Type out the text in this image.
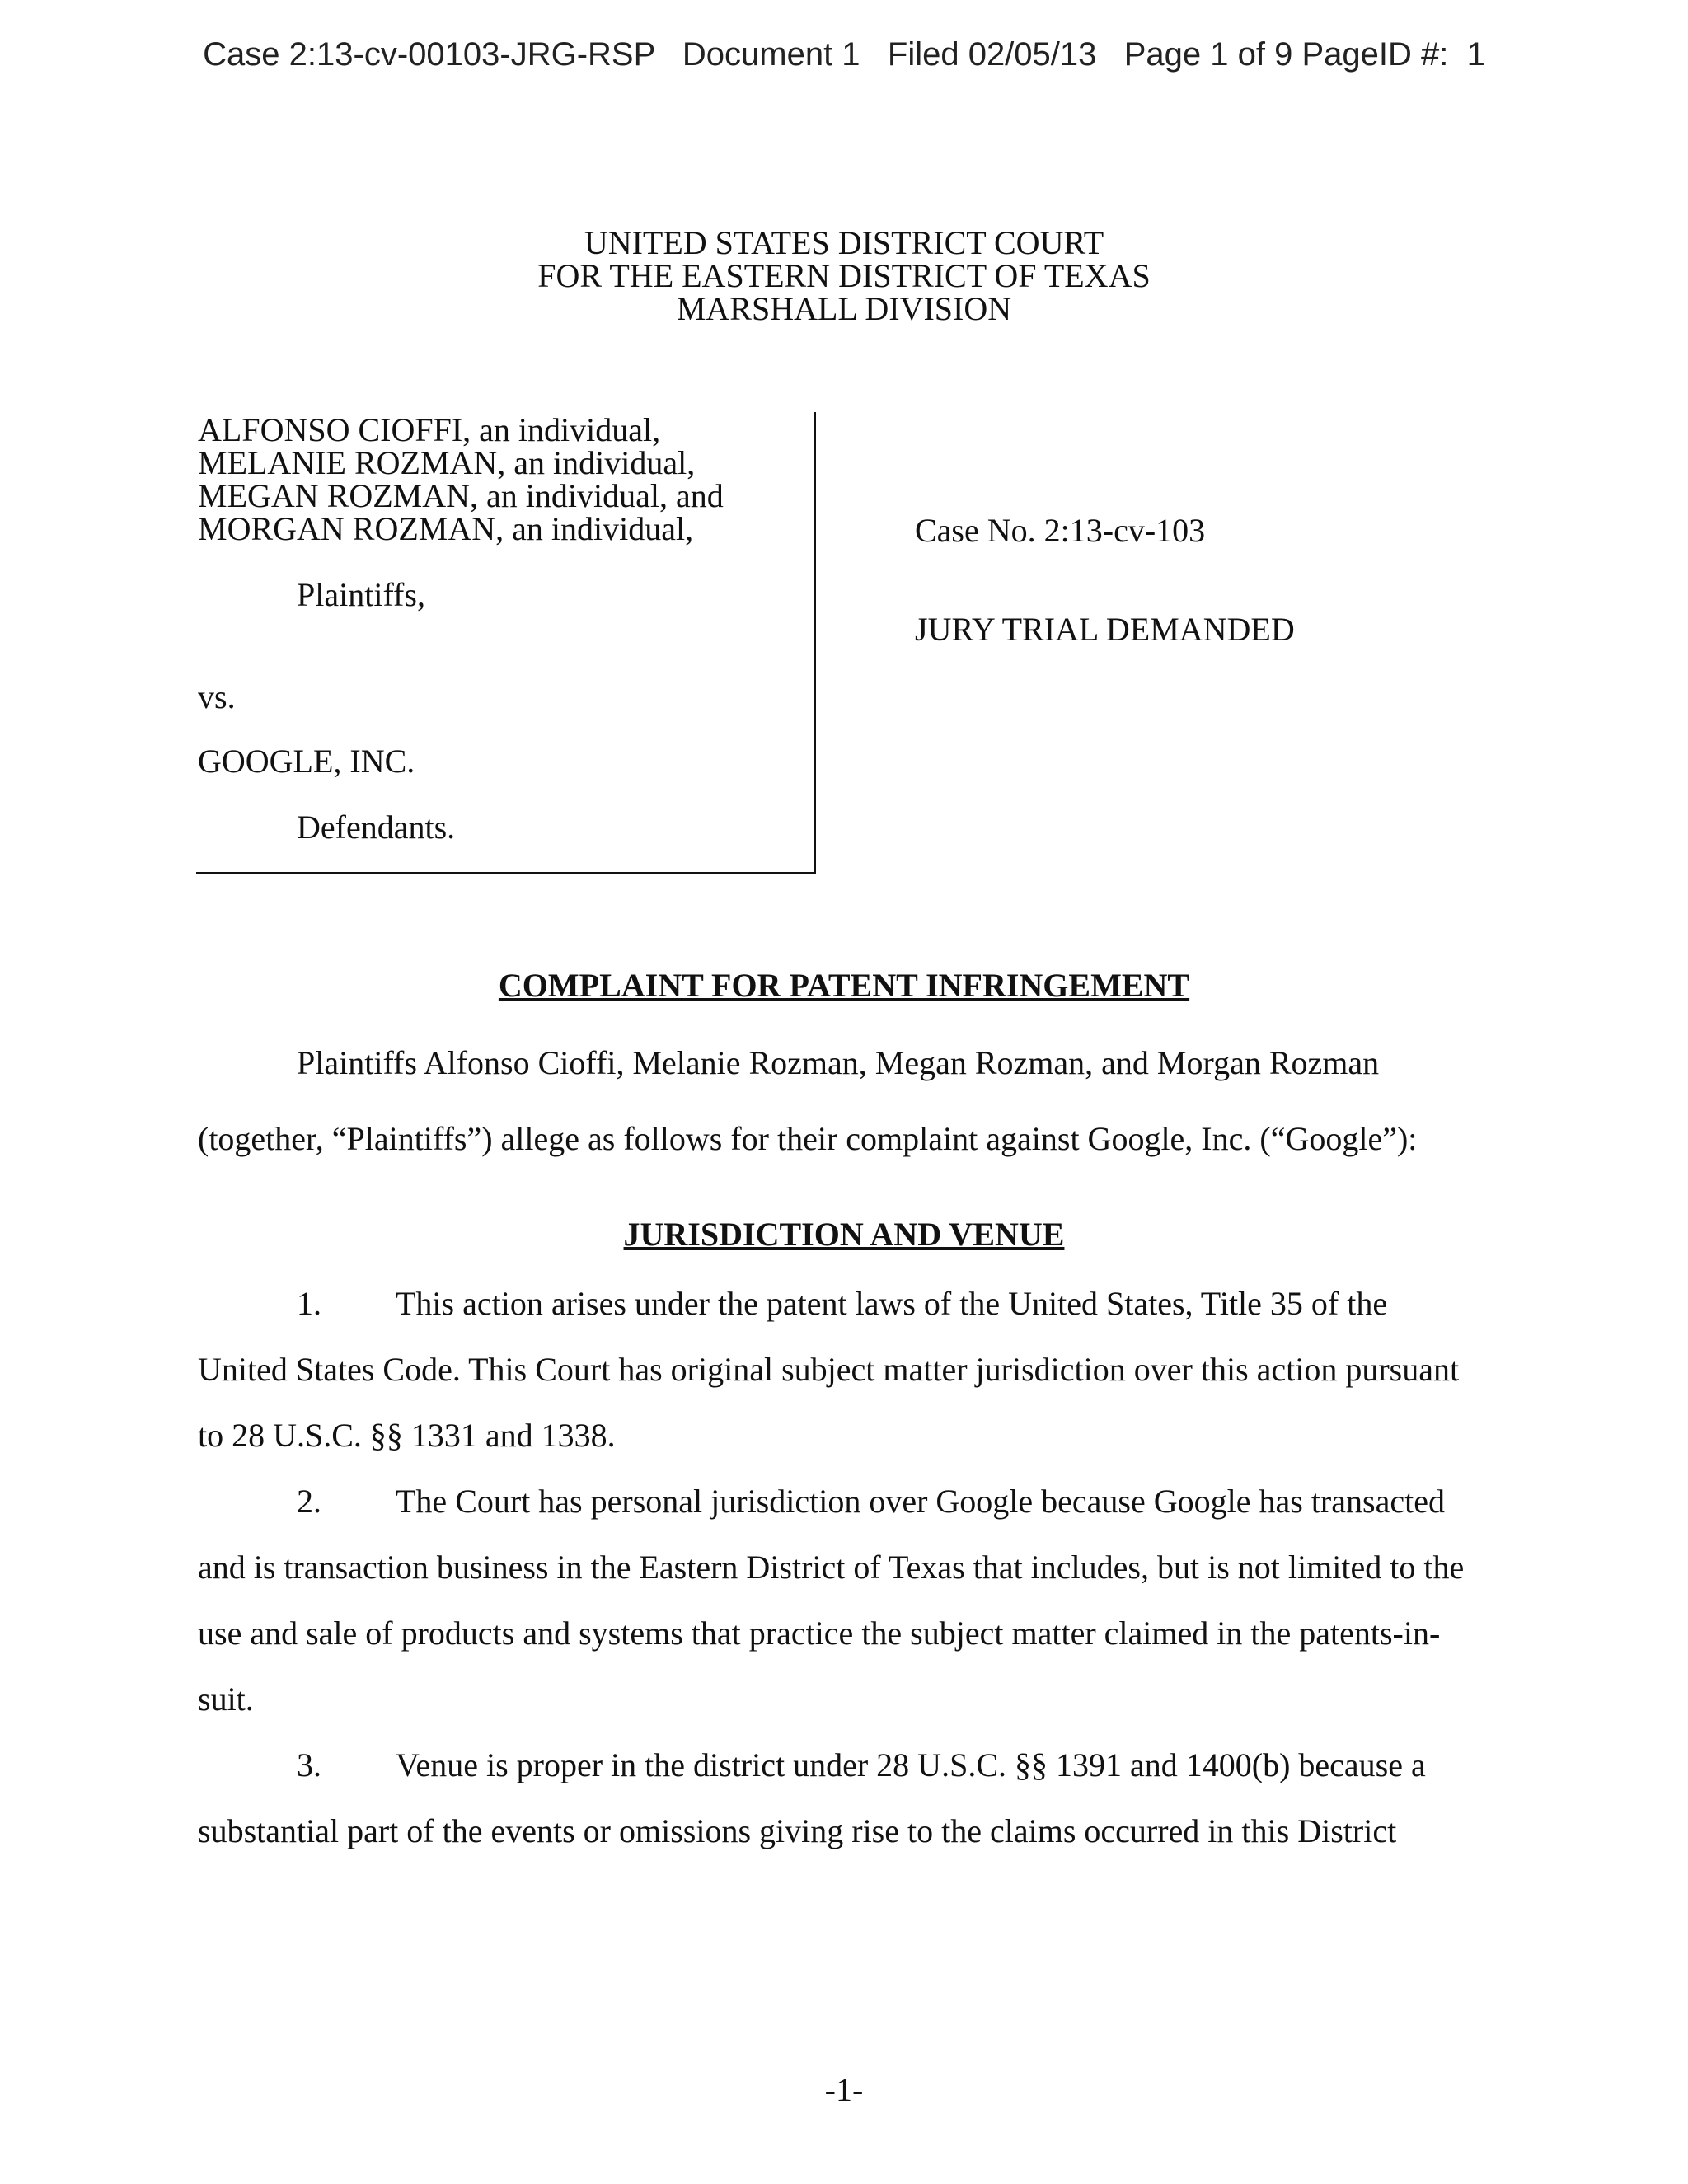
Case 2:13-cv-00103-JRG-RSP   Document 1   Filed 02/05/13   Page 1 of 9 PageID #:  1
UNITED STATES DISTRICT COURT
FOR THE EASTERN DISTRICT OF TEXAS
MARSHALL DIVISION
ALFONSO CIOFFI, an individual,
MELANIE ROZMAN, an individual,
MEGAN ROZMAN, an individual, and
MORGAN ROZMAN, an individual,
Plaintiffs,
vs.
GOOGLE, INC.
Defendants.
Case No. 2:13-cv-103
JURY TRIAL DEMANDED
COMPLAINT FOR PATENT INFRINGEMENT
Plaintiffs Alfonso Cioffi, Melanie Rozman, Megan Rozman, and Morgan Rozman
(together, “Plaintiffs”) allege as follows for their complaint against Google, Inc. (“Google”):
JURISDICTION AND VENUE
1. This action arises under the patent laws of the United States, Title 35 of the
United States Code. This Court has original subject matter jurisdiction over this action pursuant
to 28 U.S.C. §§ 1331 and 1338.
2. The Court has personal jurisdiction over Google because Google has transacted
and is transaction business in the Eastern District of Texas that includes, but is not limited to the
use and sale of products and systems that practice the subject matter claimed in the patents-in-
suit.
3. Venue is proper in the district under 28 U.S.C. §§ 1391 and 1400(b) because a
substantial part of the events or omissions giving rise to the claims occurred in this District
-1-
